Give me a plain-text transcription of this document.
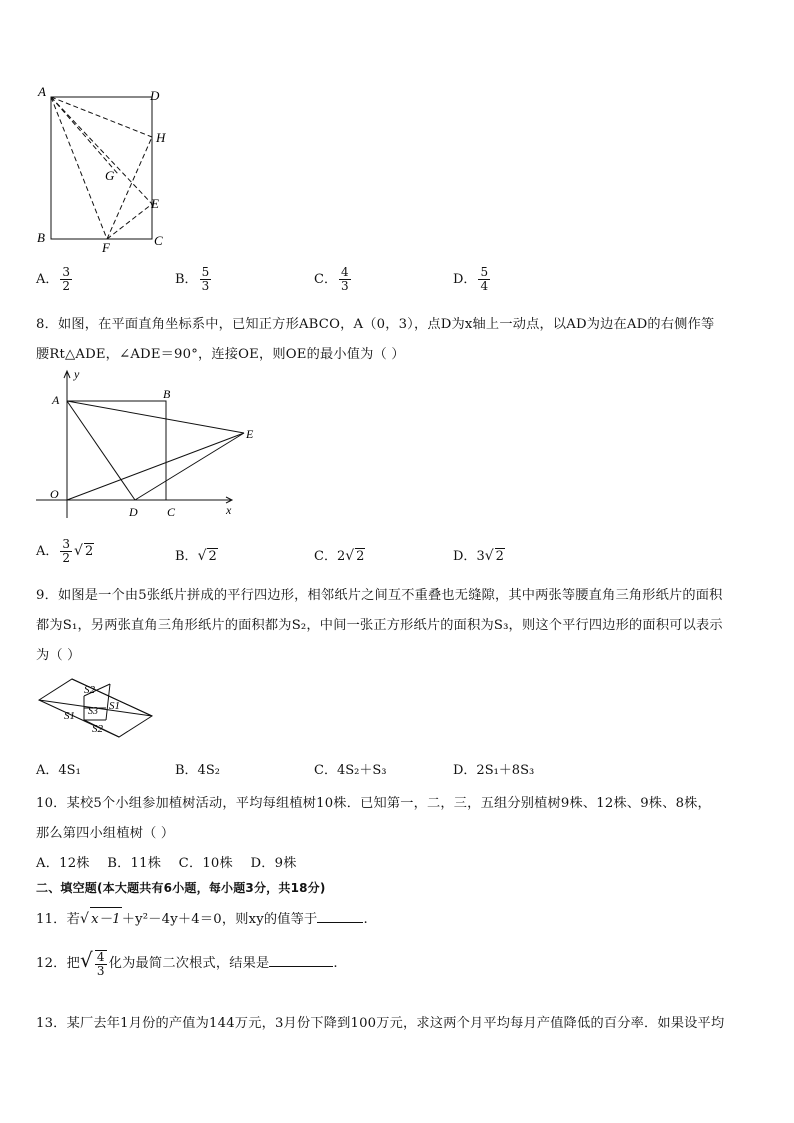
A	D
H
G
E
B
F	C
A． $\frac{3}{2}$	B． $\frac{5}{3}$	C． $\frac{4}{3}$	D． $\frac{5}{4}$
8．如图，在平面直角坐标系中，已知正方形ABCO，A（0，3），点D为x轴上一动点，以AD为边在AD的右侧作等
腰Rt△ADE，∠ADE＝90°，连接OE，则OE的最小值为（ ）
y
x
A	B
E
O
D C
A． $\frac{3}{2}$ √ 2	B．√ 2	C．2√ 2	D．3√ 2
9．如图是一个由5张纸片拼成的平行四边形，相邻纸片之间互不重叠也无缝隙，其中两张等腰直角三角形纸片的面积
都为S₁，另两张直角三角形纸片的面积都为S₂，中间一张正方形纸片的面积为S₃，则这个平行四边形的面积可以表示
为（ ）
S2
S1
S1 S3
S2
A．4S₁	B．4S₂	C．4S₂＋S₃	D．2S₁＋8S₃
10．某校5个小组参加植树活动，平均每组植树10株．已知第一，二，三，五组分别植树9株、12株、9株、8株，
那么第四小组植树（ ）
A．12株    B．11株    C．10株    D．9株
二、填空题(本大题共有6小题，每小题3分，共18分)
11．若√ x－1＋y²－4y＋4＝0，则xy的值等于	.
12．把√ $\frac{4}{3}$ 化为最简二次根式，结果是	.
13．某厂去年1月份的产值为144万元，3月份下降到100万元，求这两个月平均每月产值降低的百分率．如果设平均
